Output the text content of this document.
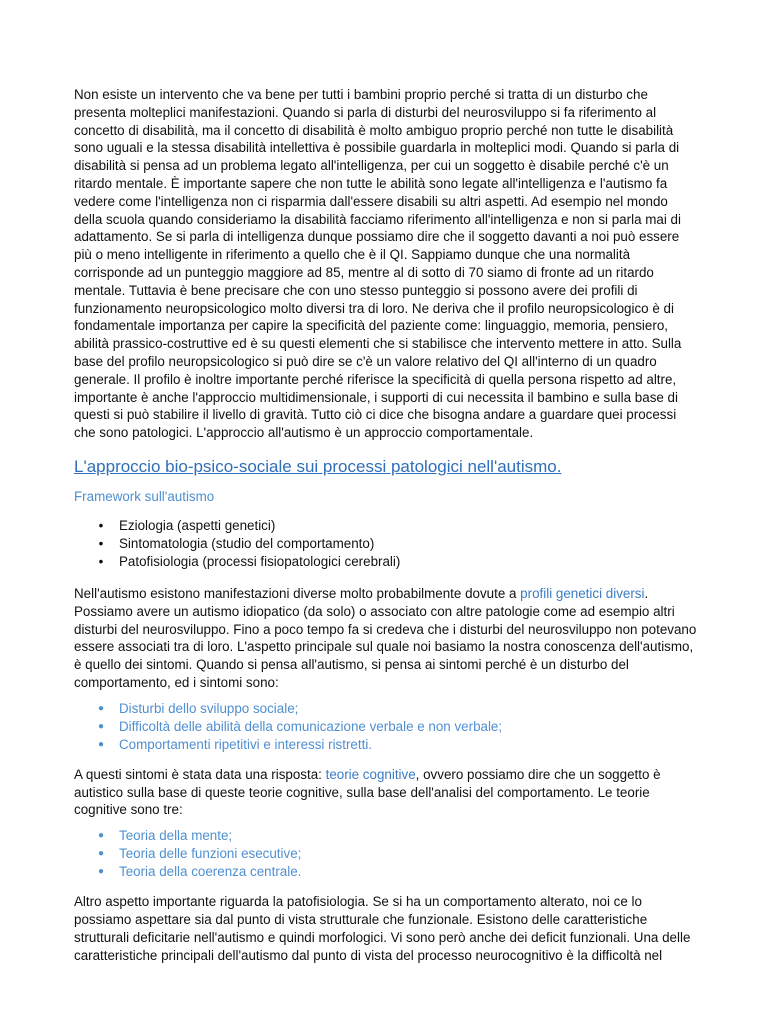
Non esiste un intervento che va bene per tutti i bambini proprio perché si tratta di un disturbo che presenta molteplici manifestazioni. Quando si parla di disturbi del neurosviluppo si fa riferimento al concetto di disabilità, ma il concetto di disabilità è molto ambiguo proprio perché non tutte le disabilità sono uguali e la stessa disabilità intellettiva è possibile guardarla in molteplici modi. Quando si parla di disabilità si pensa ad un problema legato all'intelligenza, per cui un soggetto è disabile perché c'è un ritardo mentale. È importante sapere che non tutte le abilità sono legate all'intelligenza e l'autismo fa vedere come l'intelligenza non ci risparmia dall'essere disabili su altri aspetti. Ad esempio nel mondo della scuola quando consideriamo la disabilità facciamo riferimento all'intelligenza e non si parla mai di adattamento. Se si parla di intelligenza dunque possiamo dire che il soggetto davanti a noi può essere più o meno intelligente in riferimento a quello che è il QI. Sappiamo dunque che una normalità corrisponde ad un punteggio maggiore ad 85, mentre al di sotto di 70 siamo di fronte ad un ritardo mentale. Tuttavia è bene precisare che con uno stesso punteggio si possono avere dei profili di funzionamento neuropsicologico molto diversi tra di loro. Ne deriva che il profilo neuropsicologico è di fondamentale importanza per capire la specificità del paziente come: linguaggio, memoria, pensiero, abilità prassico-costruttive ed è su questi elementi che si stabilisce che intervento mettere in atto. Sulla base del profilo neuropsicologico si può dire se c'è un valore relativo del QI all'interno di un quadro generale. Il profilo è inoltre importante perché riferisce la specificità di quella persona rispetto ad altre, importante è anche l'approccio multidimensionale, i supporti di cui necessita il bambino e sulla base di questi si può stabilire il livello di gravità. Tutto ciò ci dice che bisogna andare a guardare quei processi che sono patologici. L'approccio all'autismo è un approccio comportamentale.

L'approccio bio-psico-sociale sui processi patologici nell'autismo.
Framework sull'autismo
• Eziologia (aspetti genetici)
• Sintomatologia (studio del comportamento)
• Patofisiologia (processi fisiopatologici cerebrali)

Nell'autismo esistono manifestazioni diverse molto probabilmente dovute a profili genetici diversi. Possiamo avere un autismo idiopatico (da solo) o associato con altre patologie come ad esempio altri disturbi del neurosviluppo. Fino a poco tempo fa si credeva che i disturbi del neurosviluppo non potevano essere associati tra di loro. L'aspetto principale sul quale noi basiamo la nostra conoscenza dell'autismo, è quello dei sintomi. Quando si pensa all'autismo, si pensa ai sintomi perché è un disturbo del comportamento, ed i sintomi sono:

● Disturbi dello sviluppo sociale;
● Difficoltà delle abilità della comunicazione verbale e non verbale;
● Comportamenti ripetitivi e interessi ristretti.

A questi sintomi è stata data una risposta: teorie cognitive, ovvero possiamo dire che un soggetto è autistico sulla base di queste teorie cognitive, sulla base dell'analisi del comportamento. Le teorie cognitive sono tre:

● Teoria della mente;
● Teoria delle funzioni esecutive;
● Teoria della coerenza centrale.

Altro aspetto importante riguarda la patofisiologia. Se si ha un comportamento alterato, noi ce lo possiamo aspettare sia dal punto di vista strutturale che funzionale. Esistono delle caratteristiche strutturali deficitarie nell'autismo e quindi morfologici. Vi sono però anche dei deficit funzionali. Una delle caratteristiche principali dell'autismo dal punto di vista del processo neurocognitivo è la difficoltà nel
